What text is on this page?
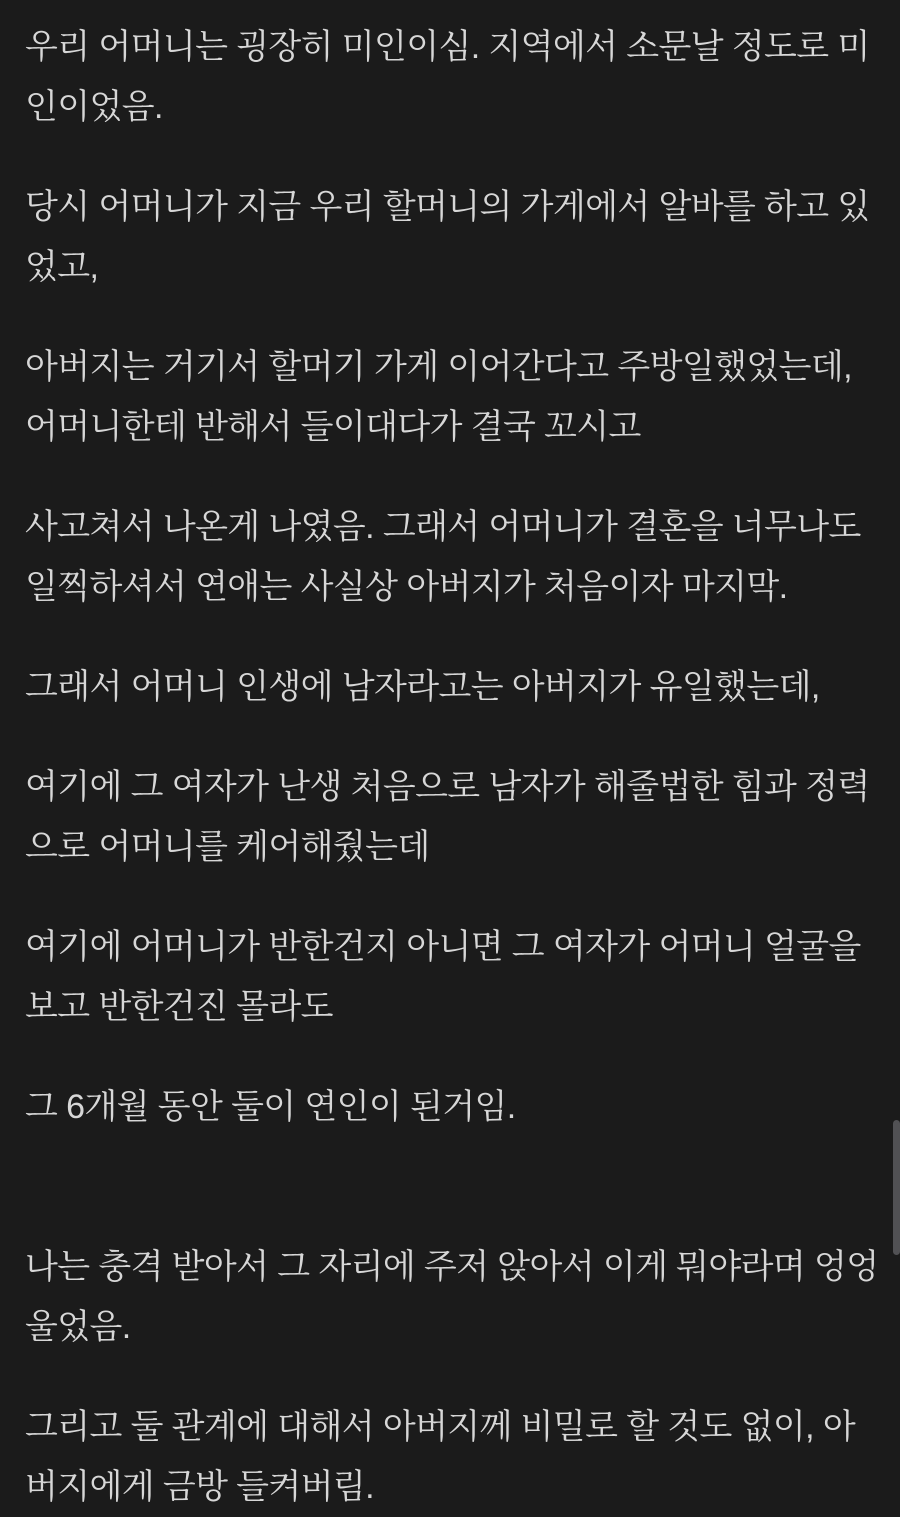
우리 어머니는 굉장히 미인이심. 지역에서 소문날 정도로 미인이었음.

당시 어머니가 지금 우리 할머니의 가게에서 알바를 하고 있었고,

아버지는 거기서 할머기 가게 이어간다고 주방일했었는데, 어머니한테 반해서 들이대다가 결국 꼬시고

사고쳐서 나온게 나였음. 그래서 어머니가 결혼을 너무나도 일찍하셔서 연애는 사실상 아버지가 처음이자 마지막.

그래서 어머니 인생에 남자라고는 아버지가 유일했는데,

여기에 그 여자가 난생 처음으로 남자가 해줄법한 힘과 정력으로 어머니를 케어해줬는데

여기에 어머니가 반한건지 아니면 그 여자가 어머니 얼굴을 보고 반한건진 몰라도

그 6개월 동안 둘이 연인이 된거임.

나는 충격 받아서 그 자리에 주저 앉아서 이게 뭐야라며 엉엉 울었음.

그리고 둘 관계에 대해서 아버지께 비밀로 할 것도 없이, 아버지에게 금방 들켜버림.
